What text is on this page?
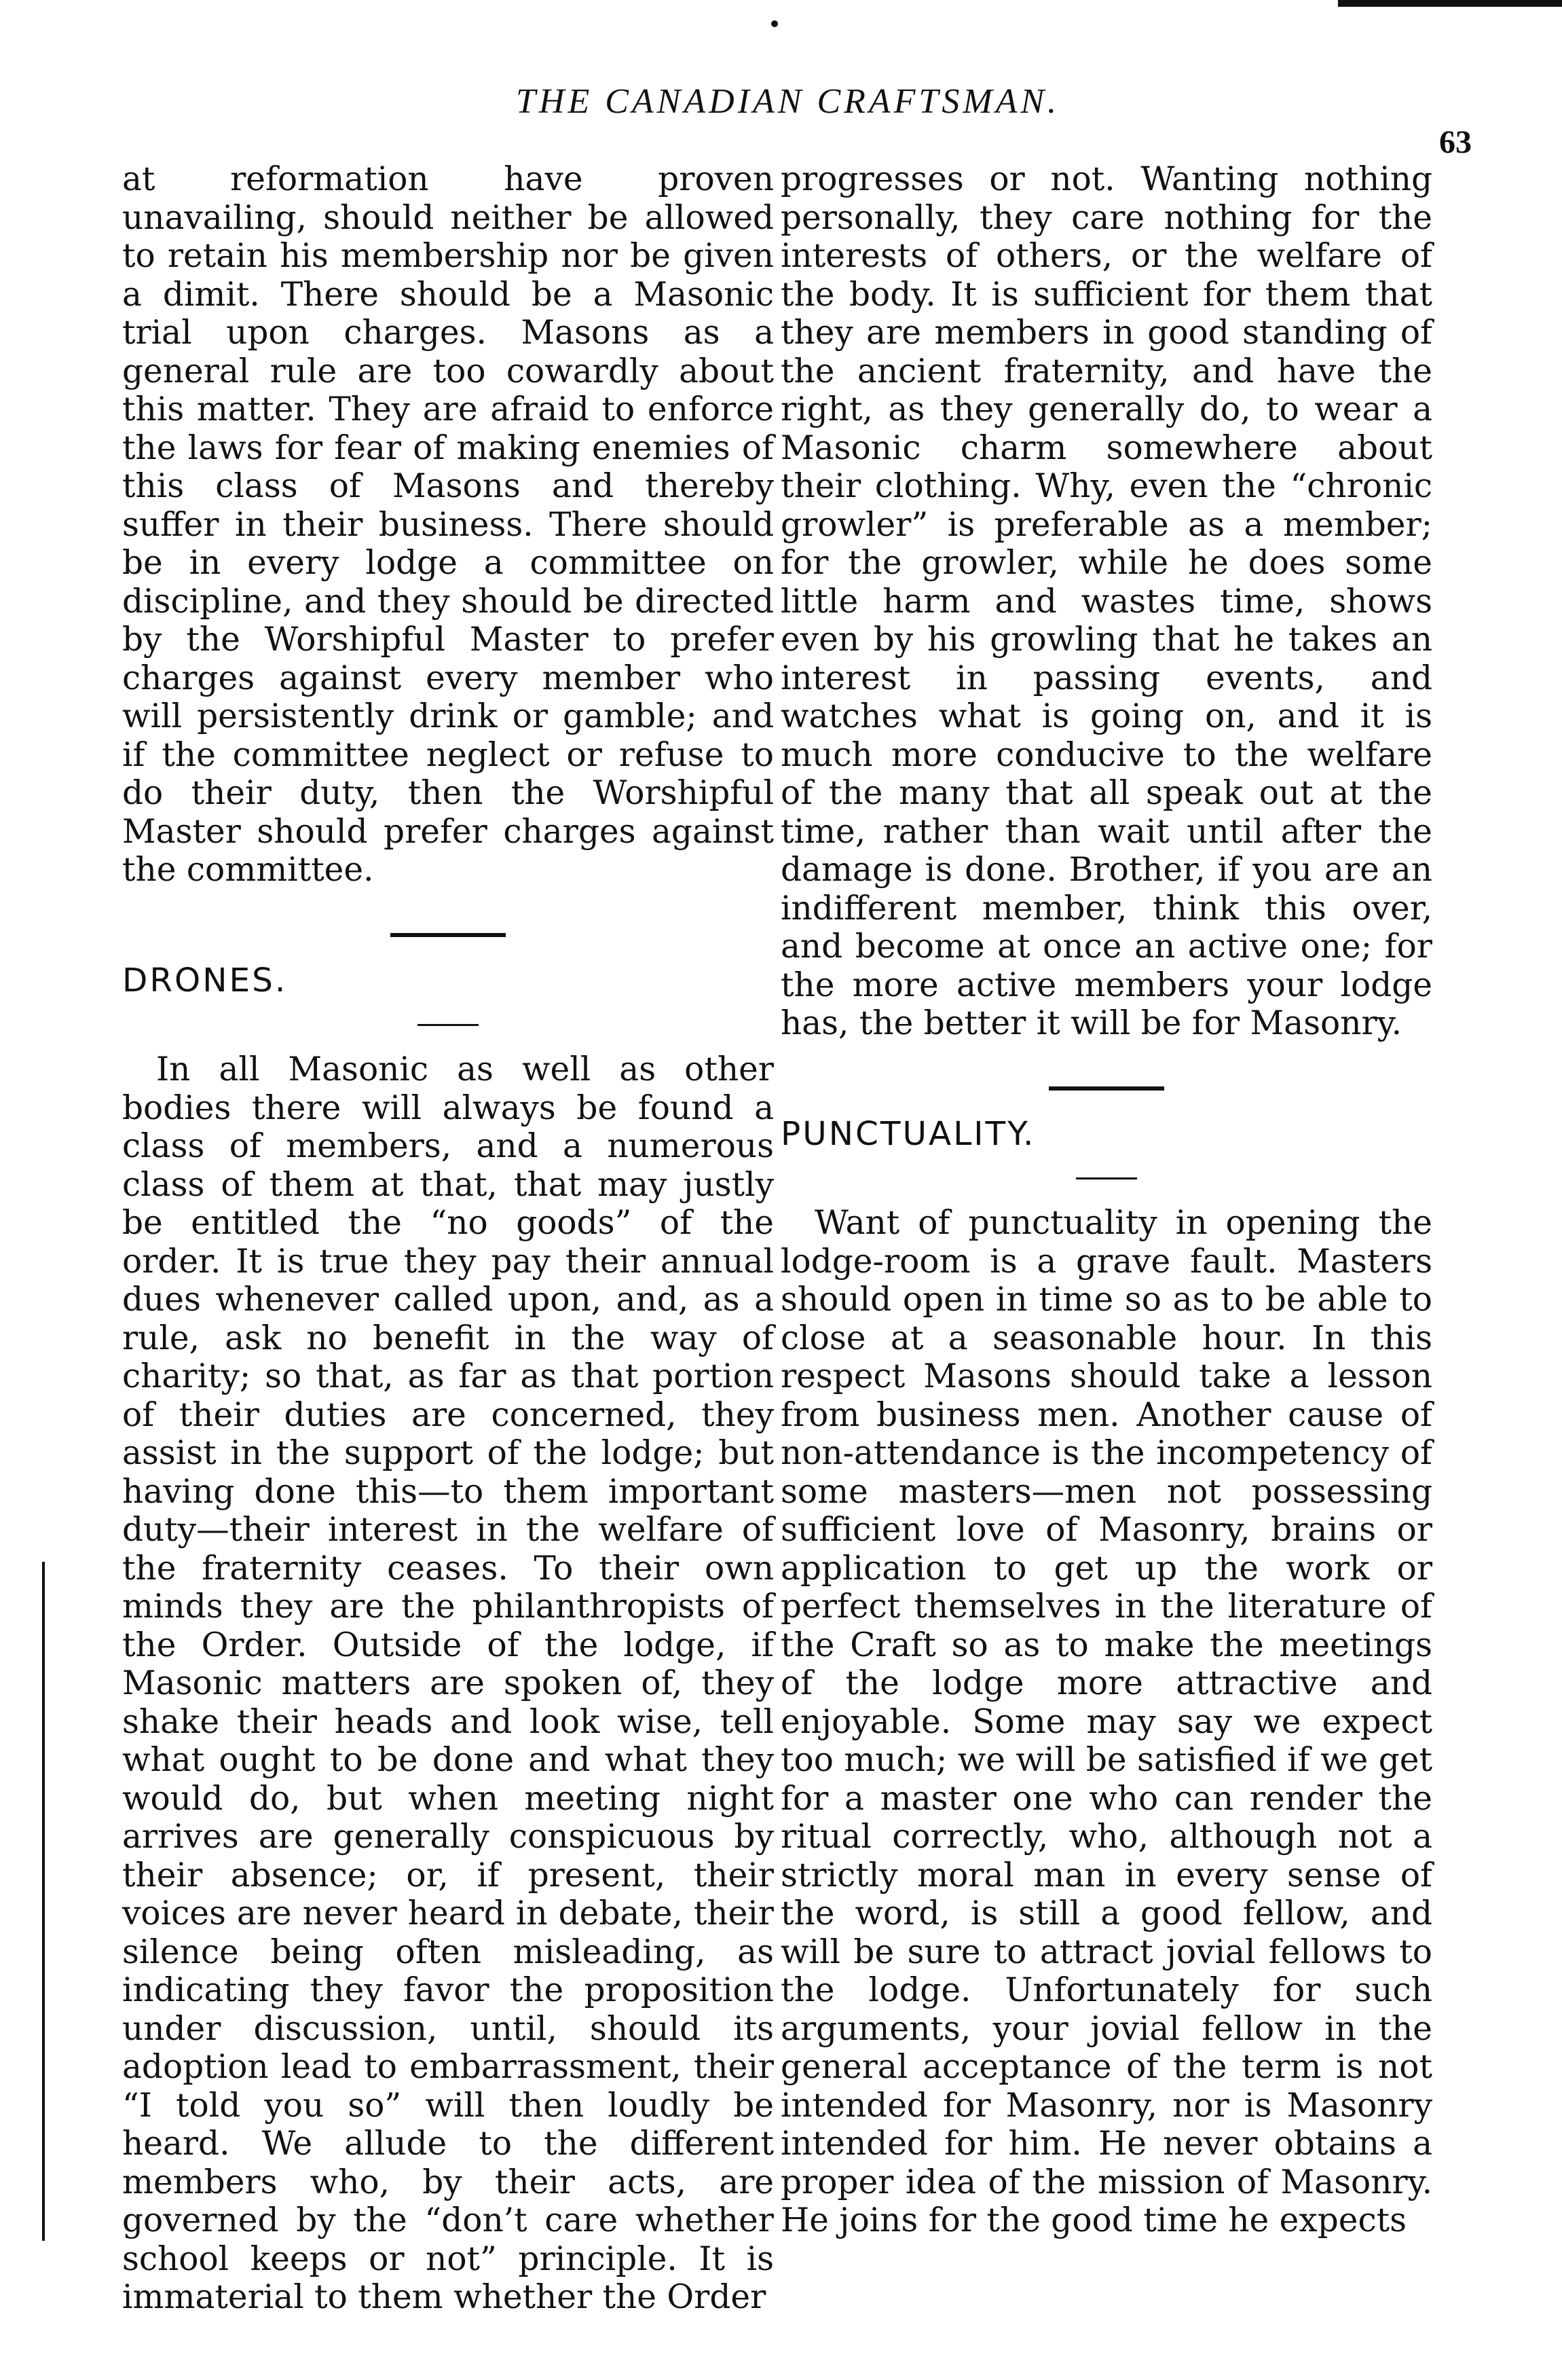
THE CANADIAN CRAFTSMAN.
63

at reformation have proven unavailing, should neither be allowed to retain his membership nor be given a dimit. There should be a Masonic trial upon charges. Masons as a general rule are too cowardly about this matter. They are afraid to enforce the laws for fear of making enemies of this class of Masons and thereby suffer in their business. There should be in every lodge a committee on discipline, and they should be directed by the Worshipful Master to prefer charges against every member who will persistently drink or gamble; and if the committee neglect or refuse to do their duty, then the Worshipful Master should prefer charges against the committee.

DRONES.

In all Masonic as well as other bodies there will always be found a class of members, and a numerous class of them at that, that may justly be entitled the “no goods” of the order. It is true they pay their annual dues whenever called upon, and, as a rule, ask no benefit in the way of charity; so that, as far as that portion of their duties are concerned, they assist in the support of the lodge; but having done this—to them important duty—their interest in the welfare of the fraternity ceases. To their own minds they are the philanthropists of the Order. Outside of the lodge, if Masonic matters are spoken of, they shake their heads and look wise, tell what ought to be done and what they would do, but when meeting night arrives are generally conspicuous by their absence; or, if present, their voices are never heard in debate, their silence being often misleading, as indicating they favor the proposition under discussion, until, should its adoption lead to embarrassment, their “I told you so” will then loudly be heard. We allude to the different members who, by their acts, are governed by the “don’t care whether school keeps or not” principle. It is immaterial to them whether the Order

progresses or not. Wanting nothing personally, they care nothing for the interests of others, or the welfare of the body. It is sufficient for them that they are members in good standing of the ancient fraternity, and have the right, as they generally do, to wear a Masonic charm somewhere about their clothing. Why, even the “chronic growler” is preferable as a member; for the growler, while he does some little harm and wastes time, shows even by his growling that he takes an interest in passing events, and watches what is going on, and it is much more conducive to the welfare of the many that all speak out at the time, rather than wait until after the damage is done. Brother, if you are an indifferent member, think this over, and become at once an active one; for the more active members your lodge has, the better it will be for Masonry.

PUNCTUALITY.

Want of punctuality in opening the lodge-room is a grave fault. Masters should open in time so as to be able to close at a seasonable hour. In this respect Masons should take a lesson from business men. Another cause of non-attendance is the incompetency of some masters—men not possessing sufficient love of Masonry, brains or application to get up the work or perfect themselves in the literature of the Craft so as to make the meetings of the lodge more attractive and enjoyable. Some may say we expect too much; we will be satisfied if we get for a master one who can render the ritual correctly, who, although not a strictly moral man in every sense of the word, is still a good fellow, and will be sure to attract jovial fellows to the lodge. Unfortunately for such arguments, your jovial fellow in the general acceptance of the term is not intended for Masonry, nor is Masonry intended for him. He never obtains a proper idea of the mission of Masonry. He joins for the good time he expects
